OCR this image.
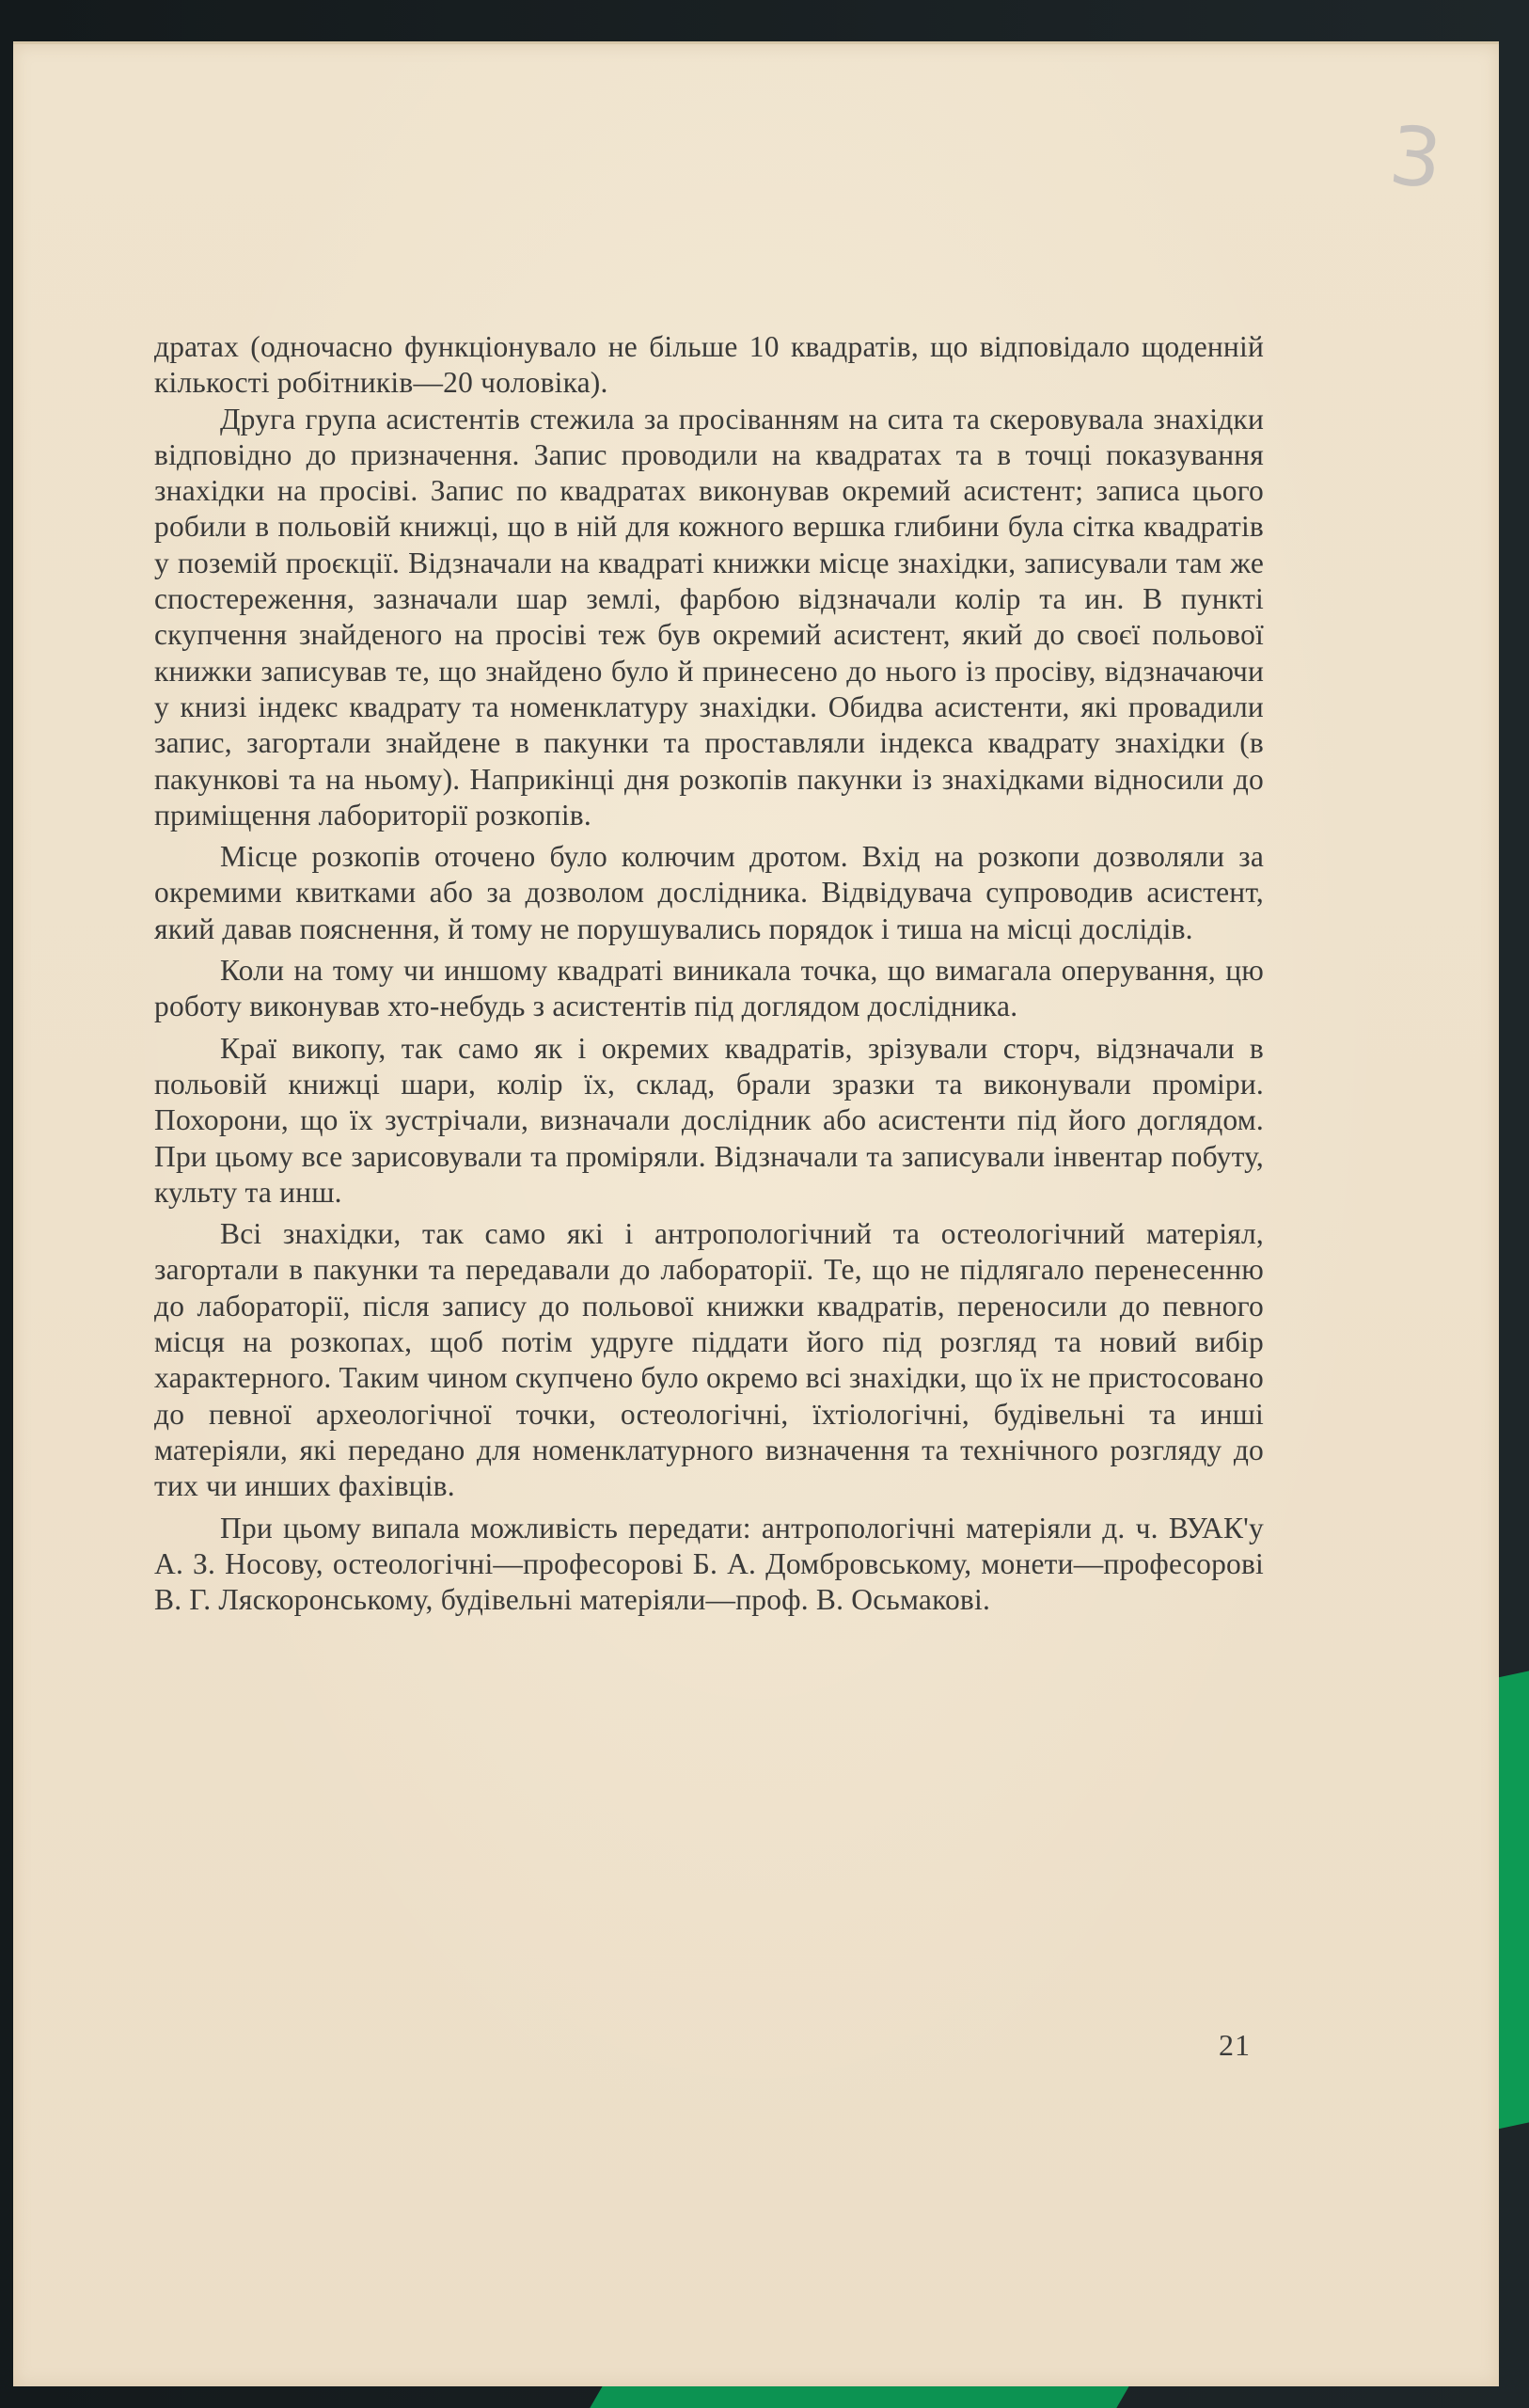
3

дратах (одночасно функціонувало не більше 10 квадратів, що відповідало щоденній кількості робітників—20 чоловіка).

Друга група асистентів стежила за просіванням на сита та скеровувала знахідки відповідно до призначення. Запис проводили на квадратах та в точці показування знахідки на просіві. Запис по квадратах виконував окремий асистент; записа цього робили в польовій книжці, що в ній для кожного вершка глибини була сітка квадратів у поземій проєкції. Відзначали на квадраті книжки місце знахідки, записували там же спостереження, зазначали шар землі, фарбою відзначали колір та ин. В пункті скупчення знайденого на просіві теж був окремий асистент, який до своєї польової книжки записував те, що знайдено було й принесено до нього із просіву, відзначаючи у книзі індекс квадрату та номенклатуру знахідки. Обидва асистенти, які провадили запис, загортали знайдене в пакунки та проставляли індекса квадрату знахідки (в пакункові та на ньому). Наприкінці дня розкопів пакунки із знахідками відносили до приміщення лабориторії розкопів.

Місце розкопів оточено було колючим дротом. Вхід на розкопи дозволяли за окремими квитками або за дозволом дослідника. Відвідувача супроводив асистент, який давав пояснення, й тому не порушувались порядок і тиша на місці дослідів.

Коли на тому чи иншому квадраті виникала точка, що вимагала оперування, цю роботу виконував хто-небудь з асистентів під доглядом дослідника.

Краї викопу, так само як і окремих квадратів, зрізували сторч, відзначали в польовій книжці шари, колір їх, склад, брали зразки та виконували проміри. Похорони, що їх зустрічали, визначали дослідник або асистенти під його доглядом. При цьому все зарисовували та проміряли. Відзначали та записували інвентар побуту, культу та инш.

Всі знахідки, так само які і антропологічний та остеологічний матеріял, загортали в пакунки та передавали до лабораторії. Те, що не підлягало перенесенню до лабораторії, після запису до польової книжки квадратів, переносили до певного місця на розкопах, щоб потім удруге піддати його під розгляд та новий вибір характерного. Таким чином скупчено було окремо всі знахідки, що їх не пристосовано до певної археологічної точки, остеологічні, їхтіологічні, будівельні та инші матеріяли, які передано для номенклатурного визначення та технічного розгляду до тих чи инших фахівців.

При цьому випала можливість передати: антропологічні матеріяли д. ч. ВУАК'у А. З. Носову, остеологічні—професорові Б. А. Домбровському, монети—професорові В. Г. Ляскоронському, будівельні матеріяли—проф. В. Осьмакові.

21
